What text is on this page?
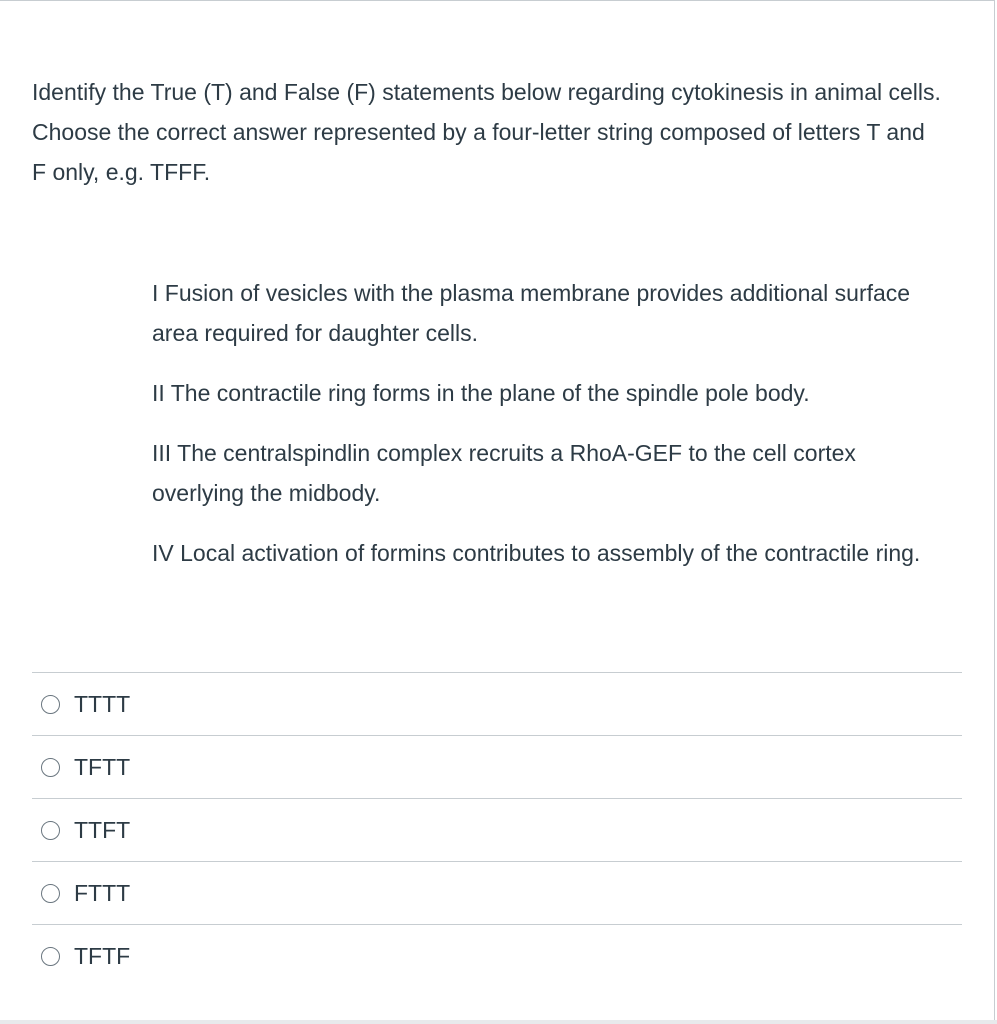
Identify the True (T) and False (F) statements below regarding cytokinesis in animal cells. Choose the correct answer represented by a four-letter string composed of letters T and F only, e.g. TFFF.

I Fusion of vesicles with the plasma membrane provides additional surface area required for daughter cells.
II The contractile ring forms in the plane of the spindle pole body.
III The centralspindlin complex recruits a RhoA-GEF to the cell cortex overlying the midbody.
IV Local activation of formins contributes to assembly of the contractile ring.
TTTT
TFTT
TTFT
FTTT
TFTF
